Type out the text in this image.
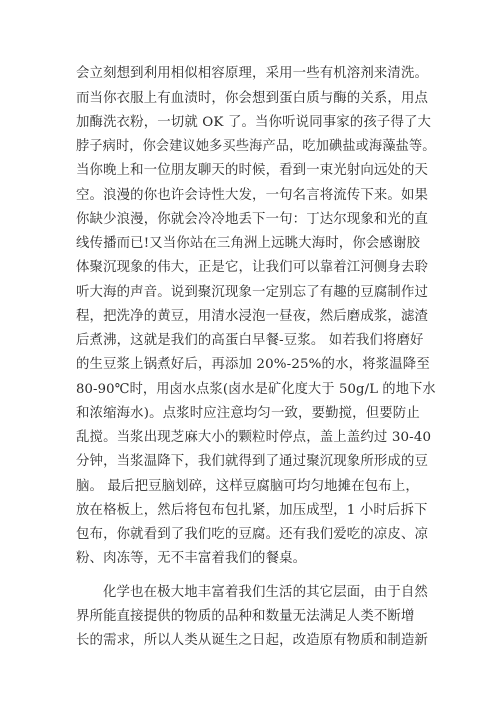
会立刻想到利用相似相容原理，采用一些有机溶剂来清洗。
而当你衣服上有血渍时，你会想到蛋白质与酶的关系，用点
加酶洗衣粉，一切就 OK 了。当你听说同事家的孩子得了大
脖子病时，你会建议她多买些海产品，吃加碘盐或海藻盐等。
当你晚上和一位朋友聊天的时候，看到一束光射向远处的天
空。浪漫的你也许会诗性大发，一句名言将流传下来。如果
你缺少浪漫，你就会冷冷地丢下一句：丁达尔现象和光的直
线传播而已!又当你站在三角洲上远眺大海时，你会感谢胶
体聚沉现象的伟大，正是它，让我们可以靠着江河侧身去聆
听大海的声音。说到聚沉现象一定别忘了有趣的豆腐制作过
程，把洗净的黄豆，用清水浸泡一昼夜，然后磨成浆，滤渣
后煮沸，这就是我们的高蛋白早餐-豆浆。 如若我们将磨好
的生豆浆上锅煮好后，再添加 20%-25%的水，将浆温降至
80-90℃时，用卤水点浆(卤水是矿化度大于 50g/L 的地下水
和浓缩海水)。点浆时应注意均匀一致，要勤搅，但要防止
乱搅。当浆出现芝麻大小的颗粒时停点，盖上盖约过 30-40
分钟，当浆温降下，我们就得到了通过聚沉现象所形成的豆
脑。 最后把豆脑划碎，这样豆腐脑可均匀地摊在包布上，
放在格板上，然后将包布包扎紧，加压成型，1 小时后拆下
包布，你就看到了我们吃的豆腐。还有我们爱吃的凉皮、凉
粉、肉冻等，无不丰富着我们的餐桌。
化学也在极大地丰富着我们生活的其它层面，由于自然
界所能直接提供的物质的品种和数量无法满足人类不断增
长的需求，所以人类从诞生之日起，改造原有物质和制造新
